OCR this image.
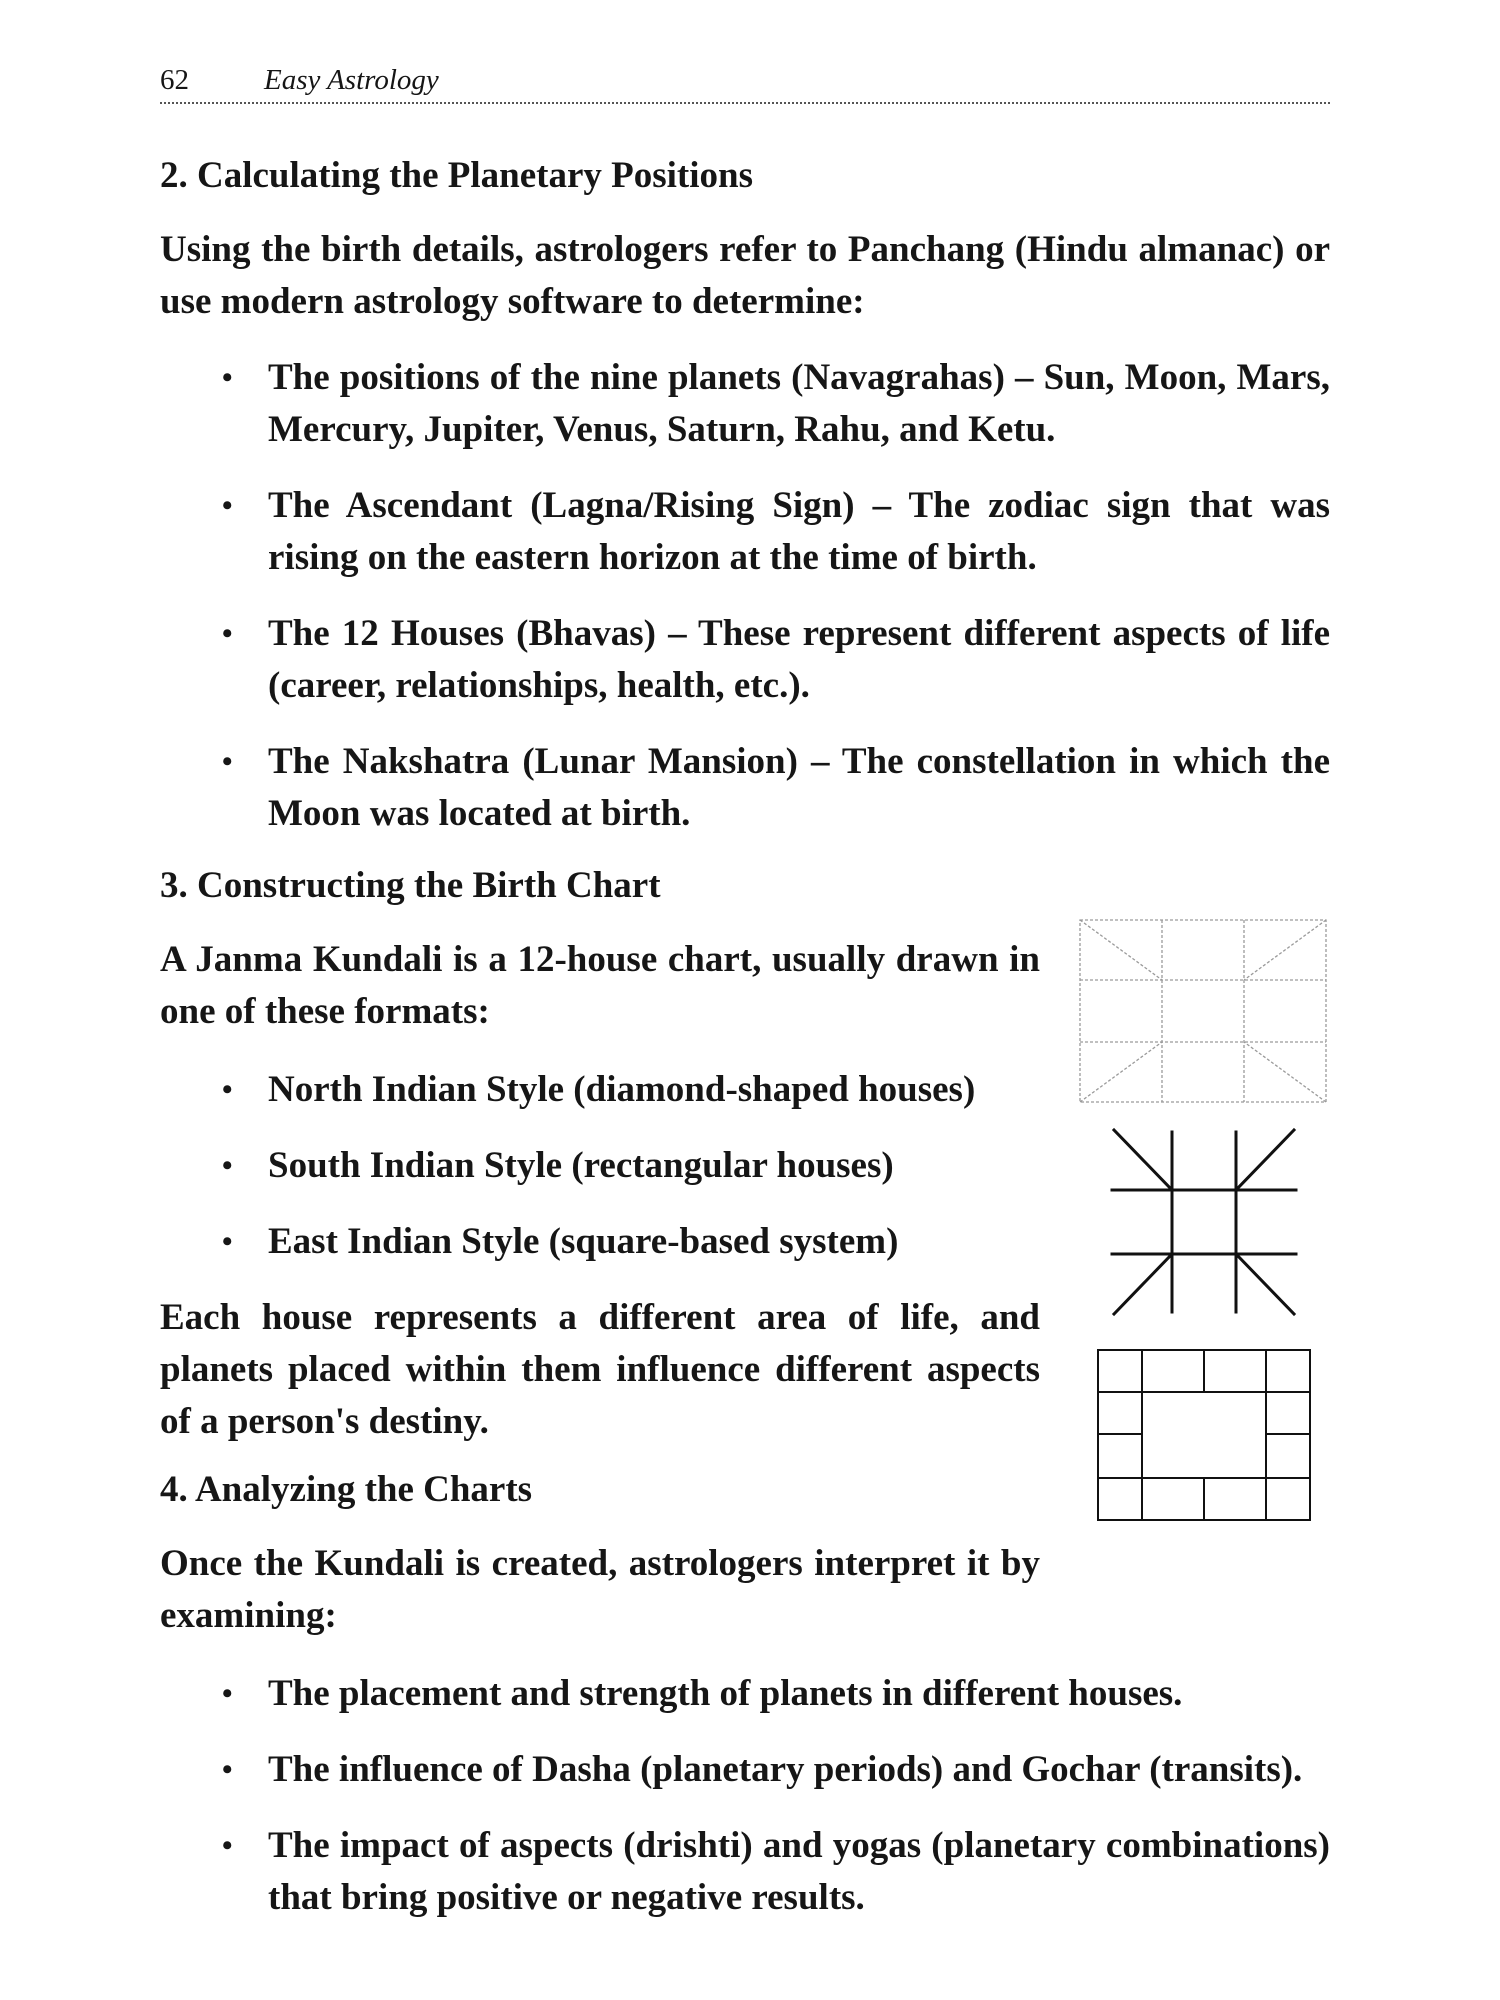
62	Easy Astrology
2. Calculating the Planetary Positions

Using the birth details, astrologers refer to Panchang (Hindu almanac) or use modern astrology software to determine:

• The positions of the nine planets (Navagrahas) – Sun, Moon, Mars, Mercury, Jupiter, Venus, Saturn, Rahu, and Ketu.
• The Ascendant (Lagna/Rising Sign) – The zodiac sign that was rising on the eastern horizon at the time of birth.
• The 12 Houses (Bhavas) – These represent different aspects of life (career, relationships, health, etc.).
• The Nakshatra (Lunar Mansion) – The constellation in which the Moon was located at birth.
3. Constructing the Birth Chart

A Janma Kundali is a 12-house chart, usually drawn in one of these formats:

• North Indian Style (diamond-shaped houses)
• South Indian Style (rectangular houses)
• East Indian Style (square-based system)

Each house represents a different area of life, and planets placed within them influence different aspects of a person's destiny.

4. Analyzing the Charts

Once the Kundali is created, astrologers interpret it by examining:

• The placement and strength of planets in different houses.
• The influence of Dasha (planetary periods) and Gochar (transits).
• The impact of aspects (drishti) and yogas (planetary combinations) that bring positive or negative results.
